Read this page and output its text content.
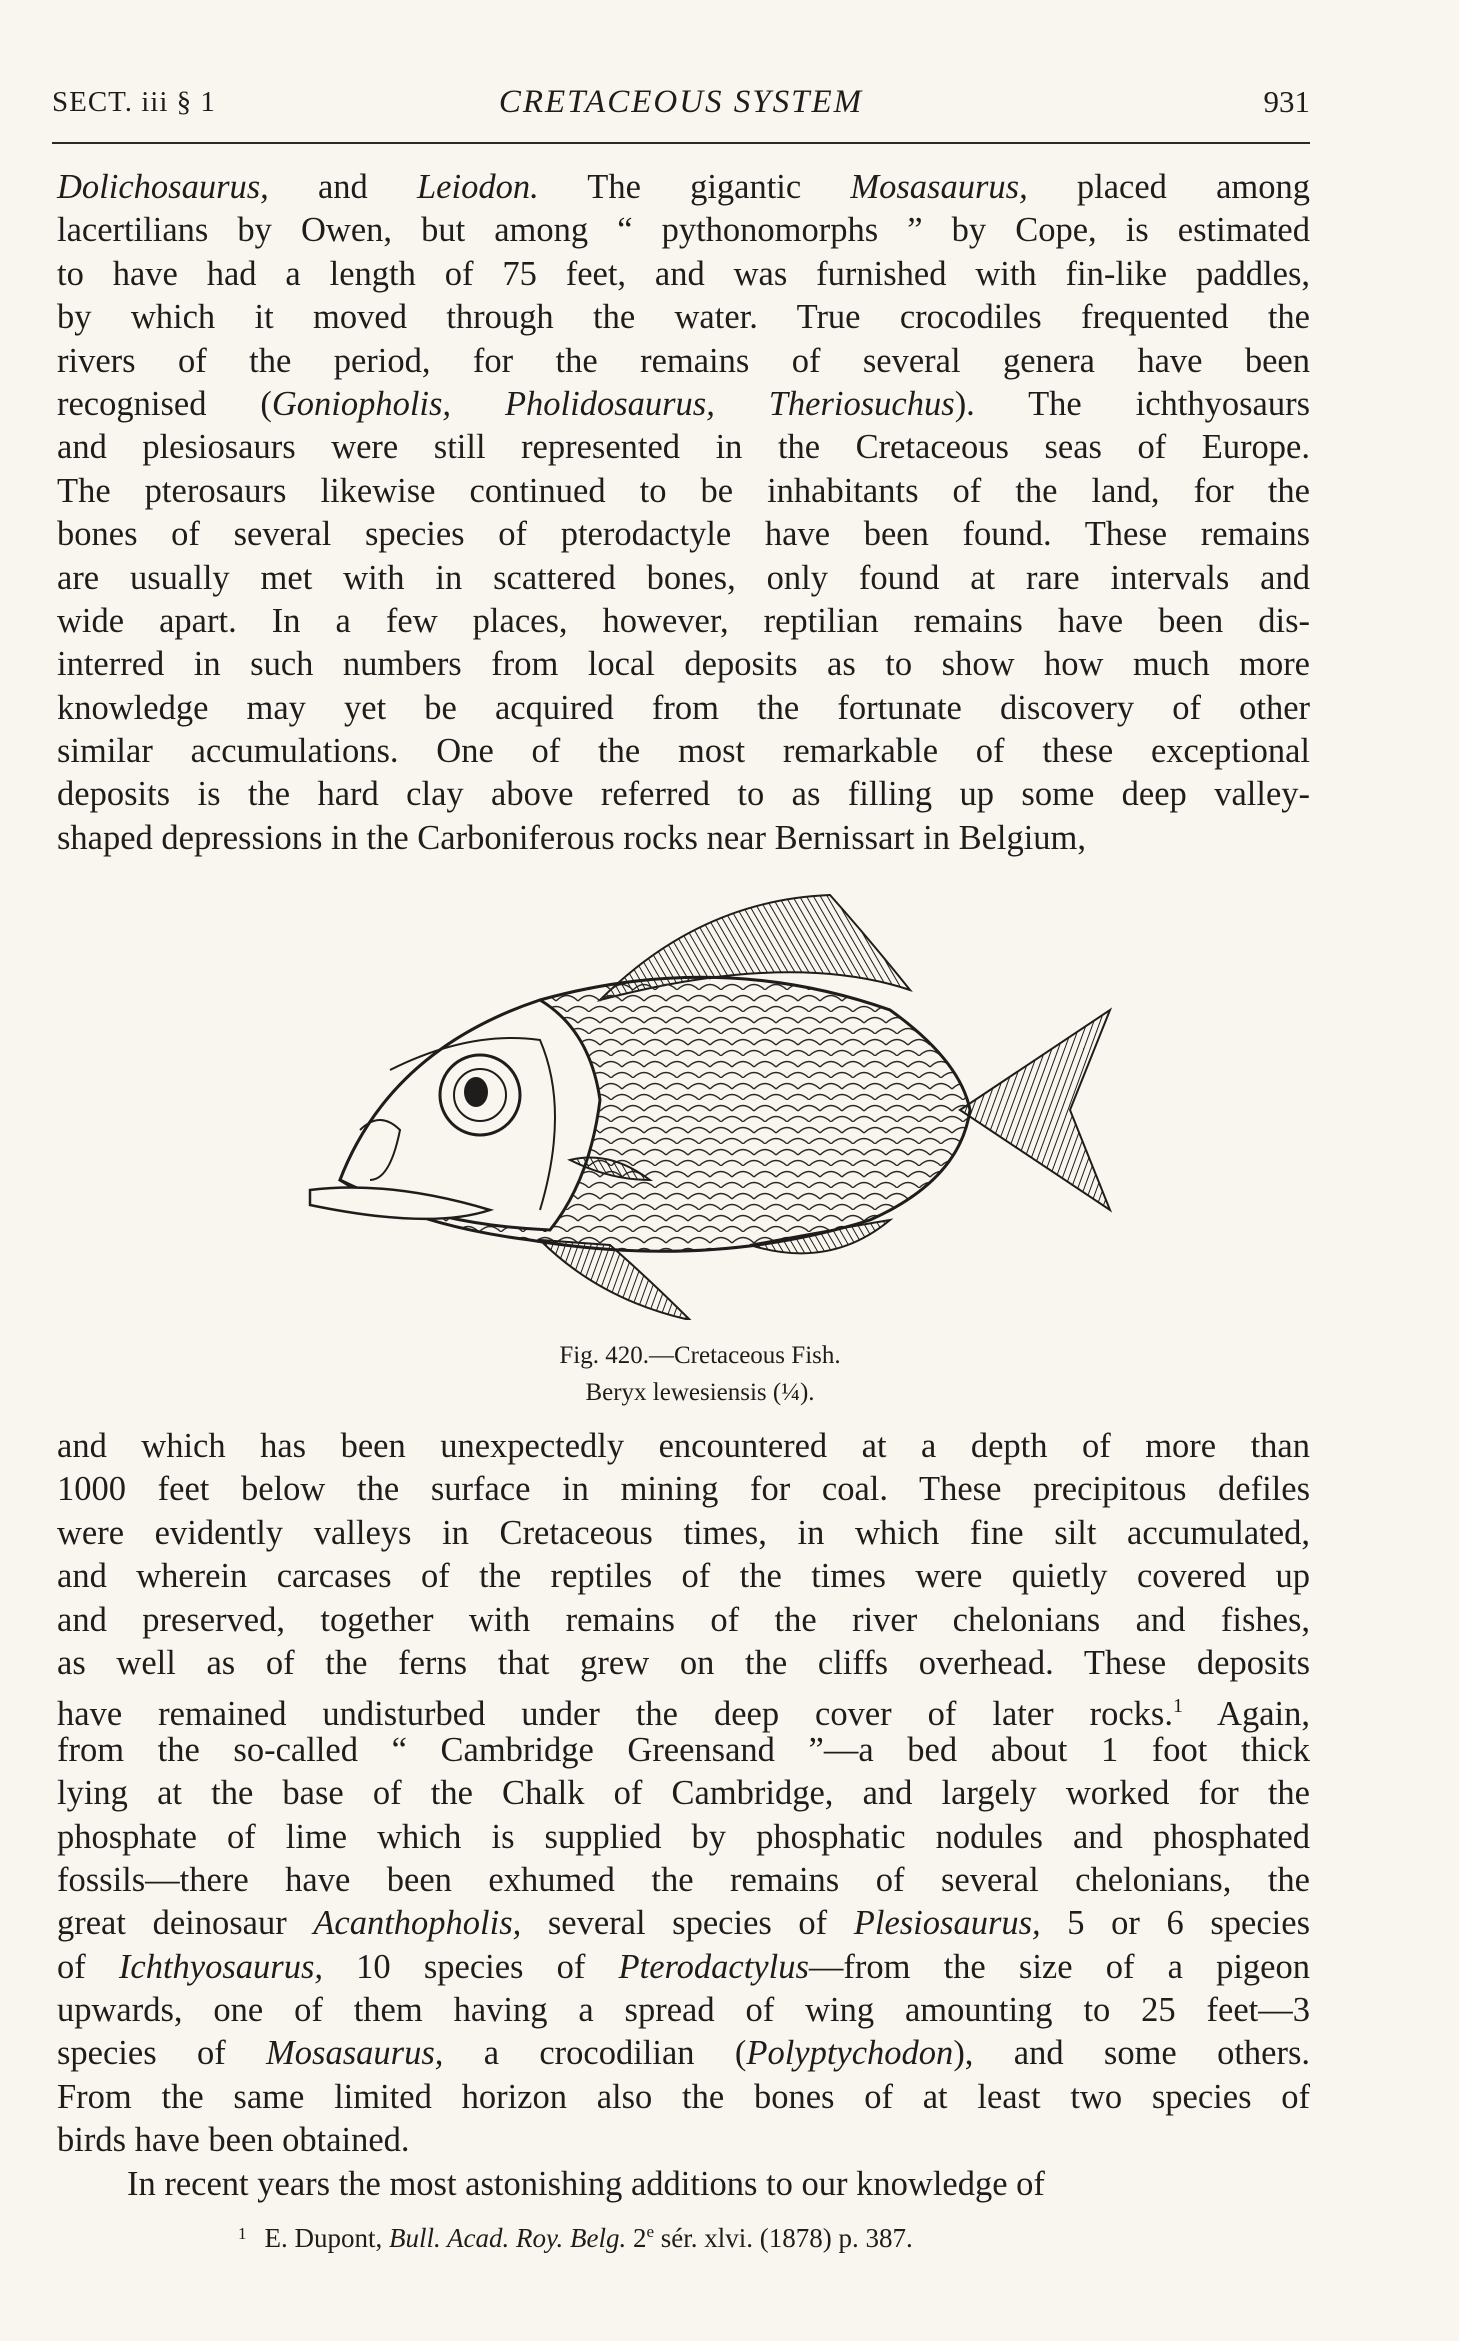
SECT. iii § 1	CRETACEOUS SYSTEM	931
Dolichosaurus, and Leiodon. The gigantic Mosasaurus, placed among
lacertilians by Owen, but among “ pythonomorphs ” by Cope, is estimated
to have had a length of 75 feet, and was furnished with fin-like paddles,
by which it moved through the water. True crocodiles frequented the
rivers of the period, for the remains of several genera have been
recognised (Goniopholis, Pholidosaurus, Theriosuchus). The ichthyosaurs
and plesiosaurs were still represented in the Cretaceous seas of Europe.
The pterosaurs likewise continued to be inhabitants of the land, for the
bones of several species of pterodactyle have been found. These remains
are usually met with in scattered bones, only found at rare intervals and
wide apart. In a few places, however, reptilian remains have been dis-
interred in such numbers from local deposits as to show how much more
knowledge may yet be acquired from the fortunate discovery of other
similar accumulations. One of the most remarkable of these exceptional
deposits is the hard clay above referred to as filling up some deep valley-
shaped depressions in the Carboniferous rocks near Bernissart in Belgium,
Fig. 420.—Cretaceous Fish.
Beryx lewesiensis (¼).
and which has been unexpectedly encountered at a depth of more than
1000 feet below the surface in mining for coal. These precipitous defiles
were evidently valleys in Cretaceous times, in which fine silt accumulated,
and wherein carcases of the reptiles of the times were quietly covered up
and preserved, together with remains of the river chelonians and fishes,
as well as of the ferns that grew on the cliffs overhead. These deposits
have remained undisturbed under the deep cover of later rocks.$^1$ Again,
from the so-called “ Cambridge Greensand ”—a bed about 1 foot thick
lying at the base of the Chalk of Cambridge, and largely worked for the
phosphate of lime which is supplied by phosphatic nodules and phosphated
fossils—there have been exhumed the remains of several chelonians, the
great deinosaur Acanthopholis, several species of Plesiosaurus, 5 or 6 species
of Ichthyosaurus, 10 species of Pterodactylus—from the size of a pigeon
upwards, one of them having a spread of wing amounting to 25 feet—3
species of Mosasaurus, a crocodilian (Polyptychodon), and some others.
From the same limited horizon also the bones of at least two species of
birds have been obtained.
In recent years the most astonishing additions to our knowledge of
$^1$ E. Dupont, Bull. Acad. Roy. Belg. 2e sér. xlvi. (1878) p. 387.
